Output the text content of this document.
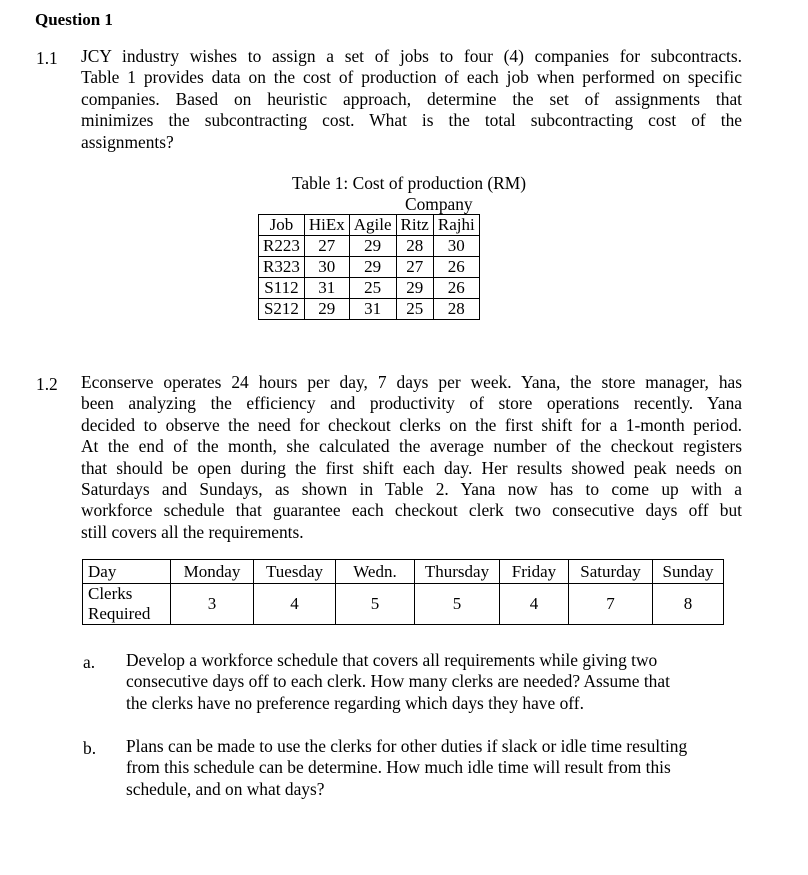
Question 1
1.1 JCY industry wishes to assign a set of jobs to four (4) companies for subcontracts.
Table 1 provides data on the cost of production of each job when performed on specific
companies. Based on heuristic approach, determine the set of assignments that
minimizes the subcontracting cost. What is the total subcontracting cost of the
assignments?
Table 1: Cost of production (RM)
Company
Job	HiEx	Agile	Ritz	Rajhi
R223	27	29	28	30
R323	30	29	27	26
S112	31	25	29	26
S212	29	31	25	28
1.2 Econserve operates 24 hours per day, 7 days per week. Yana, the store manager, has
been analyzing the efficiency and productivity of store operations recently. Yana
decided to observe the need for checkout clerks on the first shift for a 1-month period.
At the end of the month, she calculated the average number of the checkout registers
that should be open during the first shift each day. Her results showed peak needs on
Saturdays and Sundays, as shown in Table 2. Yana now has to come up with a
workforce schedule that guarantee each checkout clerk two consecutive days off but
still covers all the requirements.
Day	Monday	Tuesday	Wedn.	Thursday	Friday	Saturday	Sunday
Clerks
Required	3	4	5	5	4	7	8
a. Develop a workforce schedule that covers all requirements while giving two
consecutive days off to each clerk. How many clerks are needed? Assume that
the clerks have no preference regarding which days they have off.
b. Plans can be made to use the clerks for other duties if slack or idle time resulting
from this schedule can be determine. How much idle time will result from this
schedule, and on what days?
